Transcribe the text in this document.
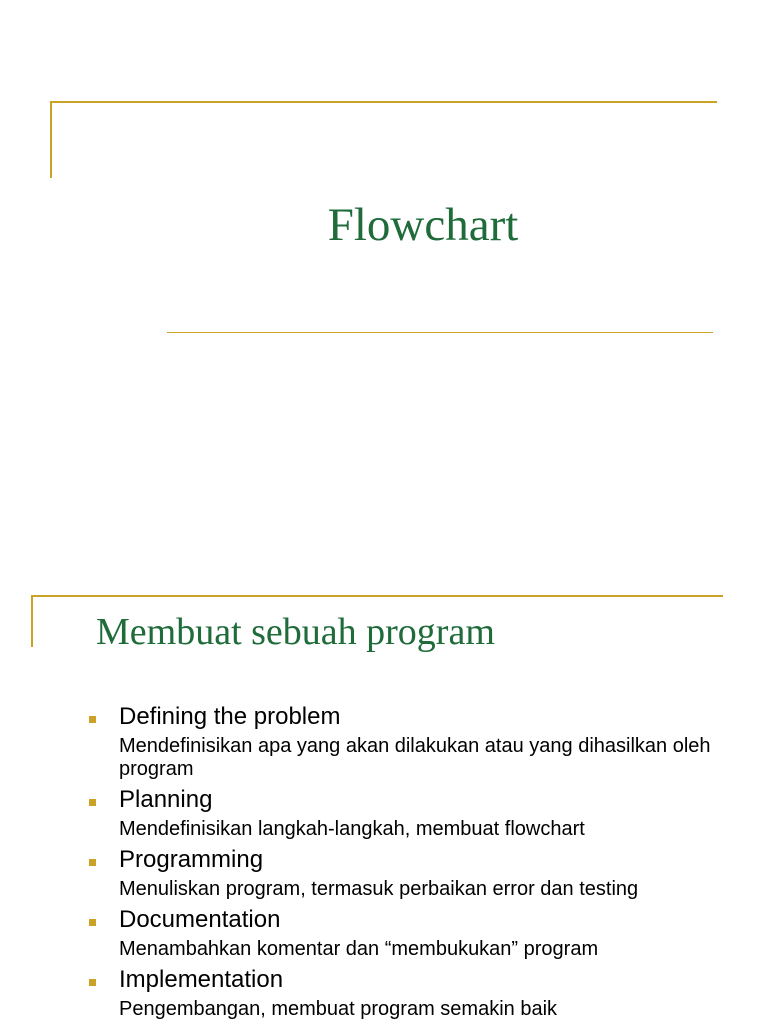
Flowchart
Membuat sebuah program
Defining the problem
Mendefinisikan apa yang akan dilakukan atau yang dihasilkan oleh program
Planning
Mendefinisikan langkah-langkah, membuat flowchart
Programming
Menuliskan program, termasuk perbaikan error dan testing
Documentation
Menambahkan komentar dan “membukukan” program
Implementation
Pengembangan, membuat program semakin baik
